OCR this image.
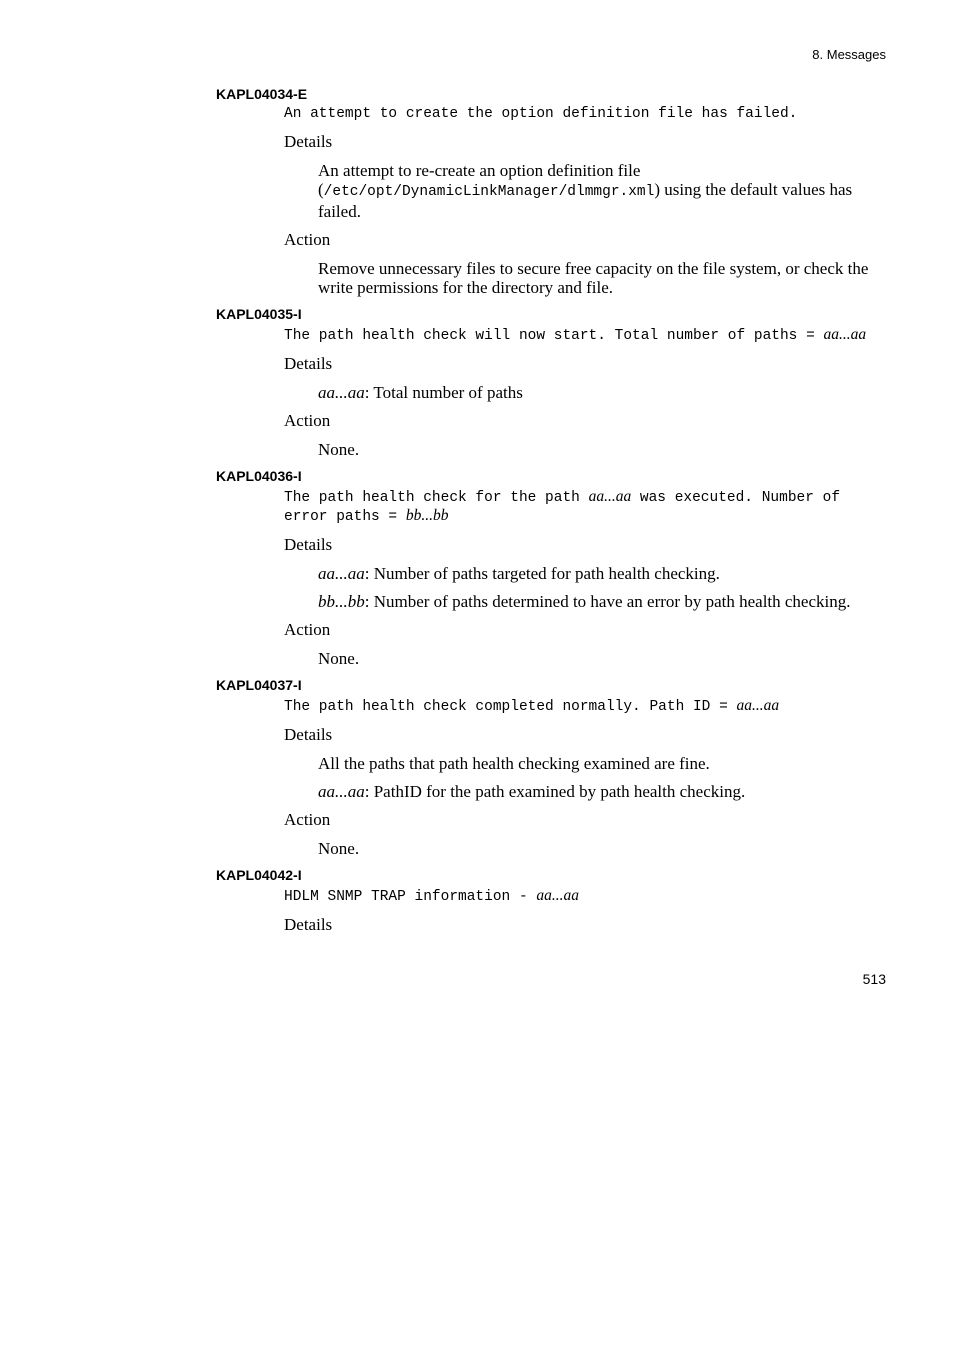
8. Messages

KAPL04034-E

An attempt to create the option definition file has failed.

Details

An attempt to re-create an option definition file (/etc/opt/DynamicLinkManager/dlmmgr.xml) using the default values has failed.

Action

Remove unnecessary files to secure free capacity on the file system, or check the write permissions for the directory and file.

KAPL04035-I

The path health check will now start. Total number of paths = aa...aa

Details

aa...aa: Total number of paths

Action

None.

KAPL04036-I

The path health check for the path aa...aa was executed. Number of error paths = bb...bb

Details

aa...aa: Number of paths targeted for path health checking.

bb...bb: Number of paths determined to have an error by path health checking.

Action

None.

KAPL04037-I

The path health check completed normally. Path ID = aa...aa

Details

All the paths that path health checking examined are fine.

aa...aa: PathID for the path examined by path health checking.

Action

None.

KAPL04042-I

HDLM SNMP TRAP information - aa...aa

Details

513
